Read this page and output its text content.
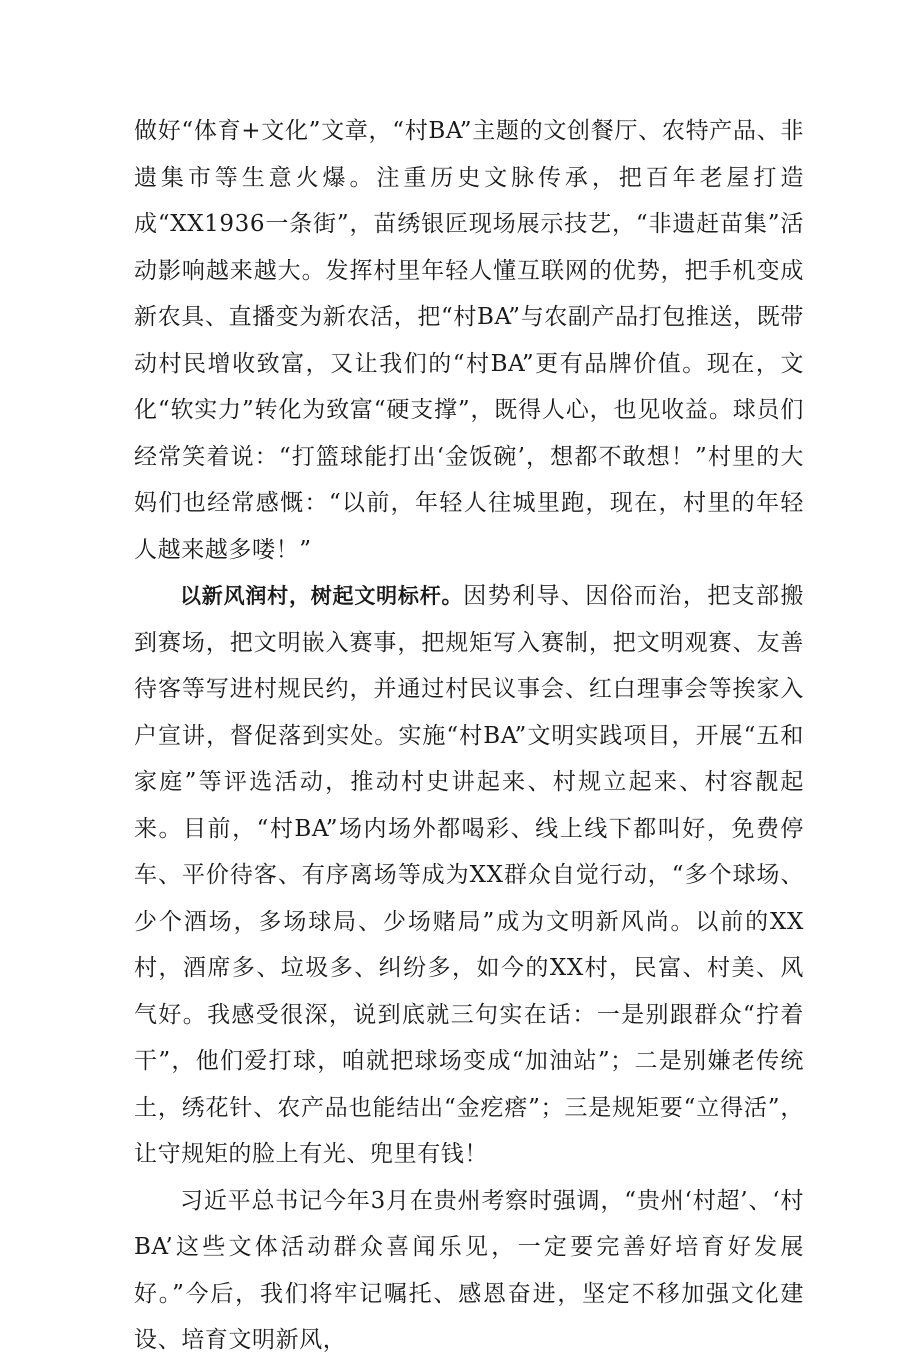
做好“体育+文化”文章，“村BA”主题的文创餐厅、农特产品、非遗集市等生意火爆。注重历史文脉传承，把百年老屋打造成“XX1936一条街”，苗绣银匠现场展示技艺，“非遗赶苗集”活动影响越来越大。发挥村里年轻人懂互联网的优势，把手机变成新农具、直播变为新农活，把“村BA”与农副产品打包推送，既带动村民增收致富，又让我们的“村BA”更有品牌价值。现在，文化“软实力”转化为致富“硬支撑”，既得人心，也见收益。球员们经常笑着说：“打篮球能打出‘金饭碗’，想都不敢想！”村里的大妈们也经常感慨：“以前，年轻人往城里跑，现在，村里的年轻人越来越多喽！”

以新风润村，树起文明标杆。因势利导、因俗而治，把支部搬到赛场，把文明嵌入赛事，把规矩写入赛制，把文明观赛、友善待客等写进村规民约，并通过村民议事会、红白理事会等挨家入户宣讲，督促落到实处。实施“村BA”文明实践项目，开展“五和家庭”等评选活动，推动村史讲起来、村规立起来、村容靓起来。目前，“村BA”场内场外都喝彩、线上线下都叫好，免费停车、平价待客、有序离场等成为XX群众自觉行动，“多个球场、少个酒场，多场球局、少场赌局”成为文明新风尚。以前的XX村，酒席多、垃圾多、纠纷多，如今的XX村，民富、村美、风气好。我感受很深，说到底就三句实在话：一是别跟群众“拧着干”，他们爱打球，咱就把球场变成“加油站”；二是别嫌老传统土，绣花针、农产品也能结出“金疙瘩”；三是规矩要“立得活”，让守规矩的脸上有光、兜里有钱！

习近平总书记今年3月在贵州考察时强调，“贵州‘村超’、‘村BA’这些文体活动群众喜闻乐见，一定要完善好培育好发展好。”今后，我们将牢记嘱托、感恩奋进，坚定不移加强文化建设、培育文明新风，
